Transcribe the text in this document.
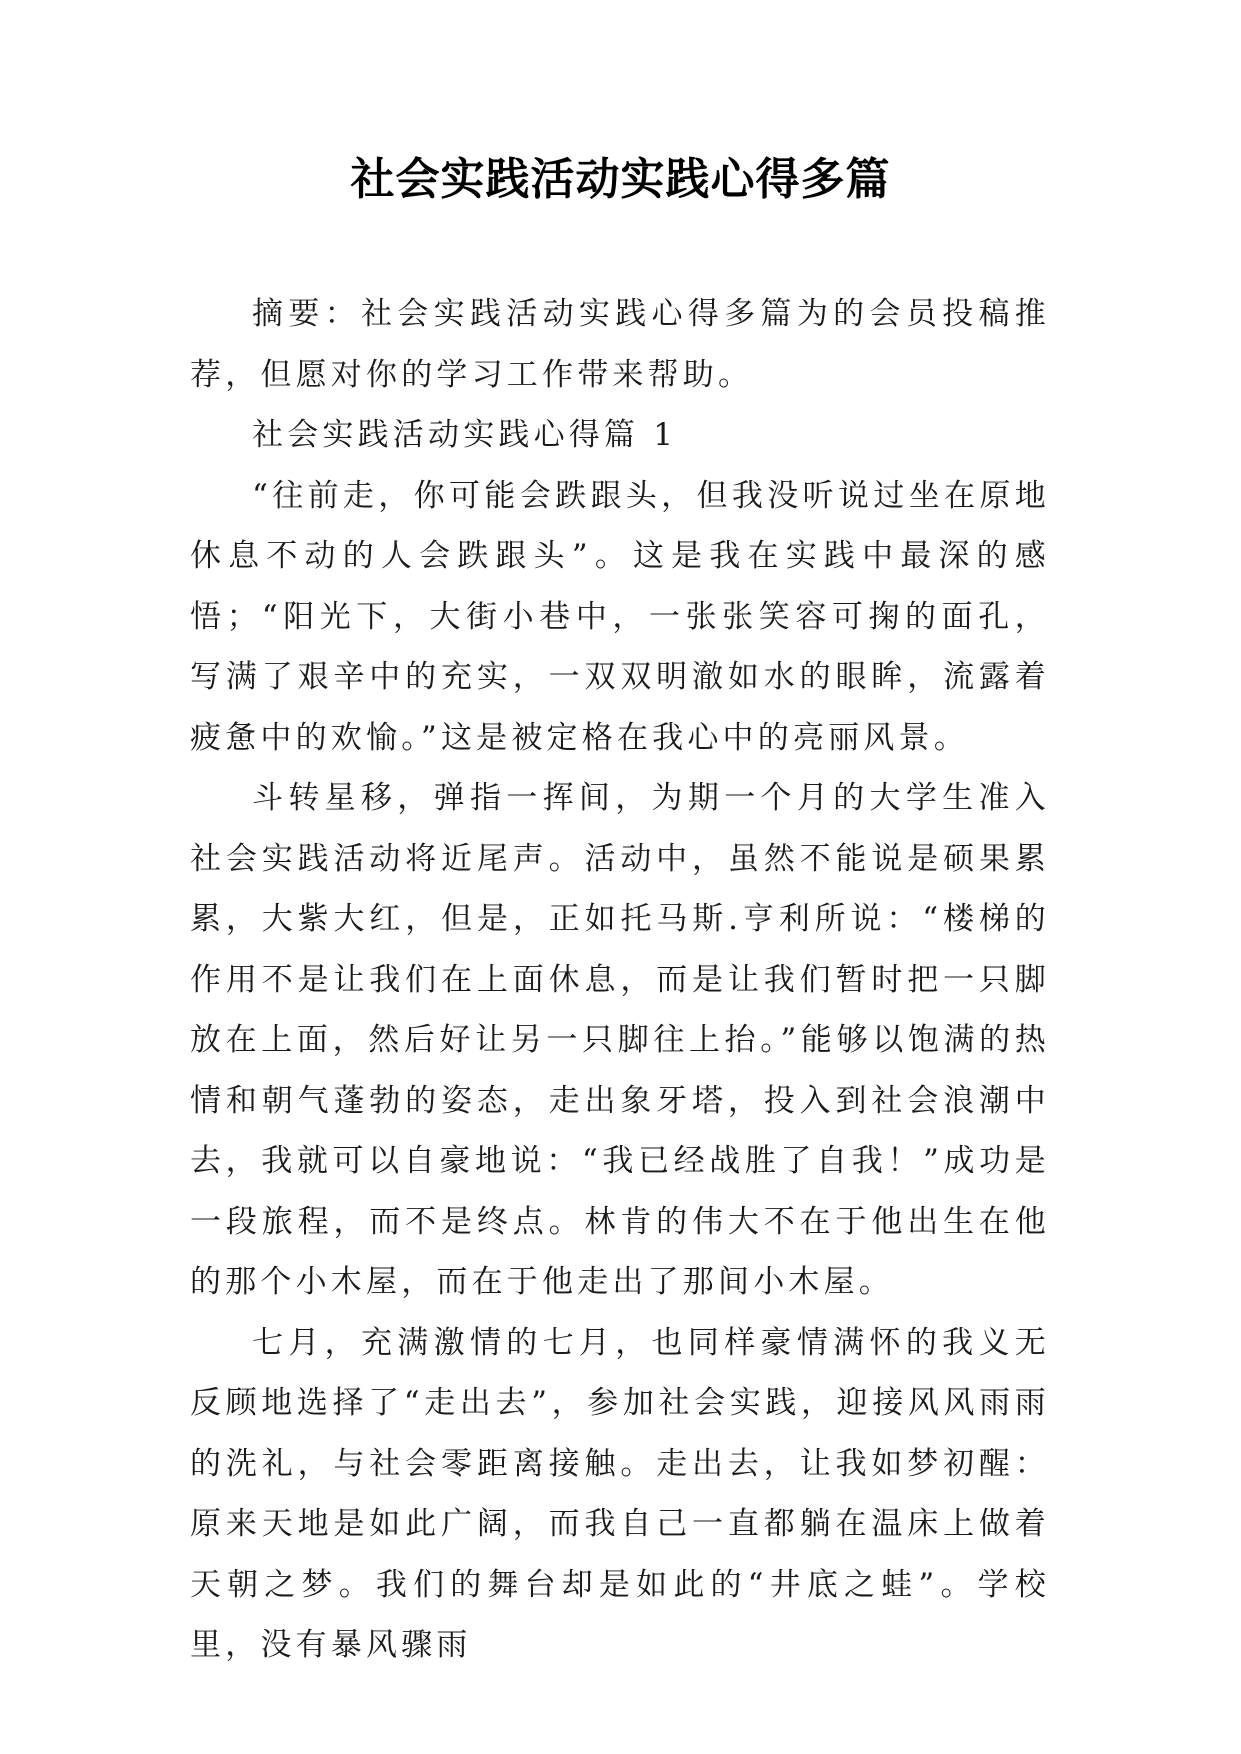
社会实践活动实践心得多篇

摘要：社会实践活动实践心得多篇为的会员投稿推荐，但愿对你的学习工作带来帮助。

社会实践活动实践心得篇 1

“往前走，你可能会跌跟头，但我没听说过坐在原地休息不动的人会跌跟头”。这是我在实践中最深的感悟；“阳光下，大街小巷中，一张张笑容可掬的面孔，写满了艰辛中的充实，一双双明澈如水的眼眸，流露着疲惫中的欢愉。”这是被定格在我心中的亮丽风景。

斗转星移，弹指一挥间，为期一个月的大学生准入社会实践活动将近尾声。活动中，虽然不能说是硕果累累，大紫大红，但是，正如托马斯.亨利所说：“楼梯的作用不是让我们在上面休息，而是让我们暂时把一只脚放在上面，然后好让另一只脚往上抬。”能够以饱满的热情和朝气蓬勃的姿态，走出象牙塔，投入到社会浪潮中去，我就可以自豪地说：“我已经战胜了自我！”成功是一段旅程，而不是终点。林肯的伟大不在于他出生在他的那个小木屋，而在于他走出了那间小木屋。

七月，充满激情的七月，也同样豪情满怀的我义无反顾地选择了“走出去”，参加社会实践，迎接风风雨雨的洗礼，与社会零距离接触。走出去，让我如梦初醒：原来天地是如此广阔，而我自己一直都躺在温床上做着天朝之梦。我们的舞台却是如此的“井底之蛙”。学校里，没有暴风骤雨
